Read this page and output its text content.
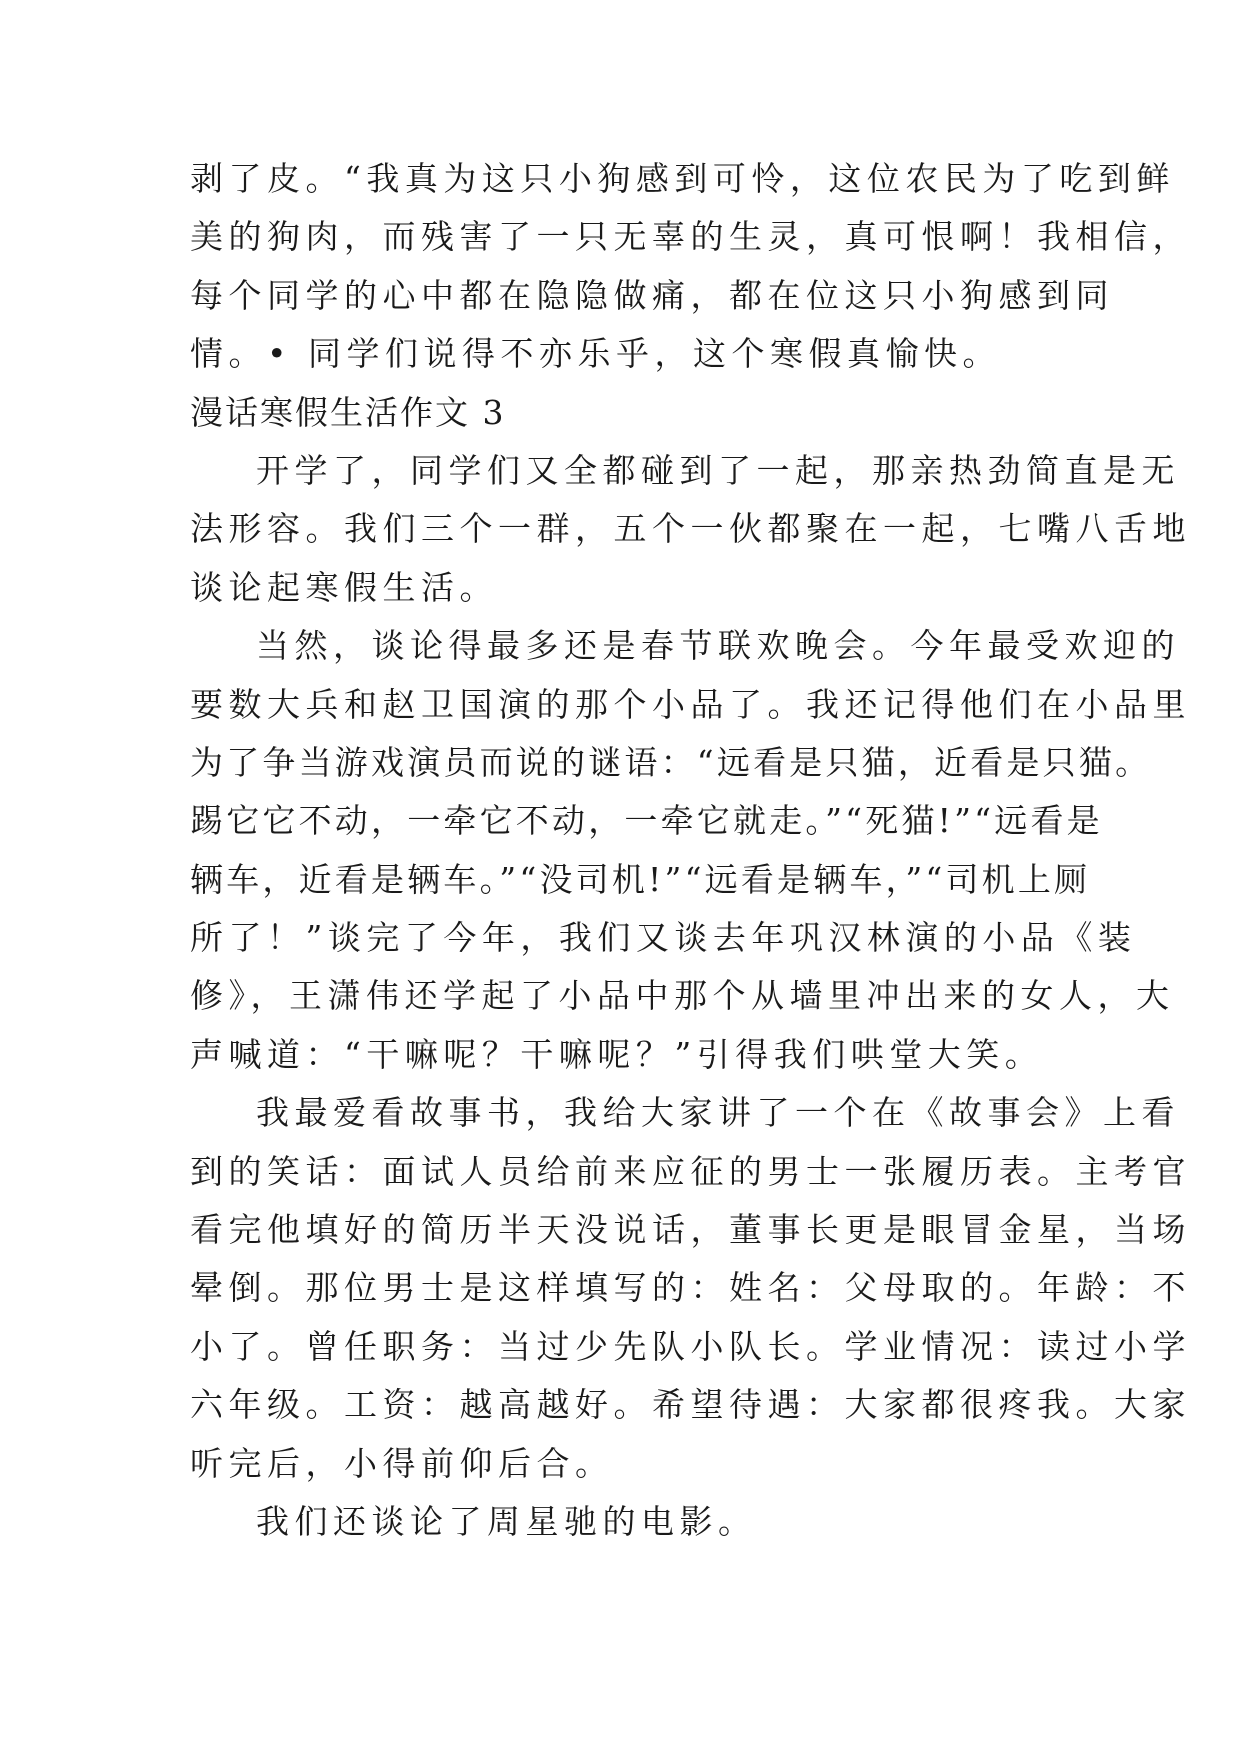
剥了皮。“我真为这只小狗感到可怜，这位农民为了吃到鲜
美的狗肉，而残害了一只无辜的生灵，真可恨啊！我相信，
每个同学的心中都在隐隐做痛，都在位这只小狗感到同
情。• 同学们说得不亦乐乎，这个寒假真愉快。
漫话寒假生活作文 3
开学了，同学们又全都碰到了一起，那亲热劲简直是无
法形容。我们三个一群，五个一伙都聚在一起，七嘴八舌地
谈论起寒假生活。
当然，谈论得最多还是春节联欢晚会。今年最受欢迎的
要数大兵和赵卫国演的那个小品了。我还记得他们在小品里
为了争当游戏演员而说的谜语：“远看是只猫，近看是只猫。
踢它它不动，一牵它不动，一牵它就走。”“死猫!”“远看是
辆车，近看是辆车。”“没司机!”“远看是辆车，”“司机上厕
所了！”谈完了今年，我们又谈去年巩汉林演的小品《装
修》，王潇伟还学起了小品中那个从墙里冲出来的女人，大
声喊道：“干嘛呢？干嘛呢？”引得我们哄堂大笑。
我最爱看故事书，我给大家讲了一个在《故事会》上看
到的笑话：面试人员给前来应征的男士一张履历表。主考官
看完他填好的简历半天没说话，董事长更是眼冒金星，当场
晕倒。那位男士是这样填写的：姓名：父母取的。年龄：不
小了。曾任职务：当过少先队小队长。学业情况：读过小学
六年级。工资：越高越好。希望待遇：大家都很疼我。大家
听完后，小得前仰后合。
我们还谈论了周星驰的电影。
